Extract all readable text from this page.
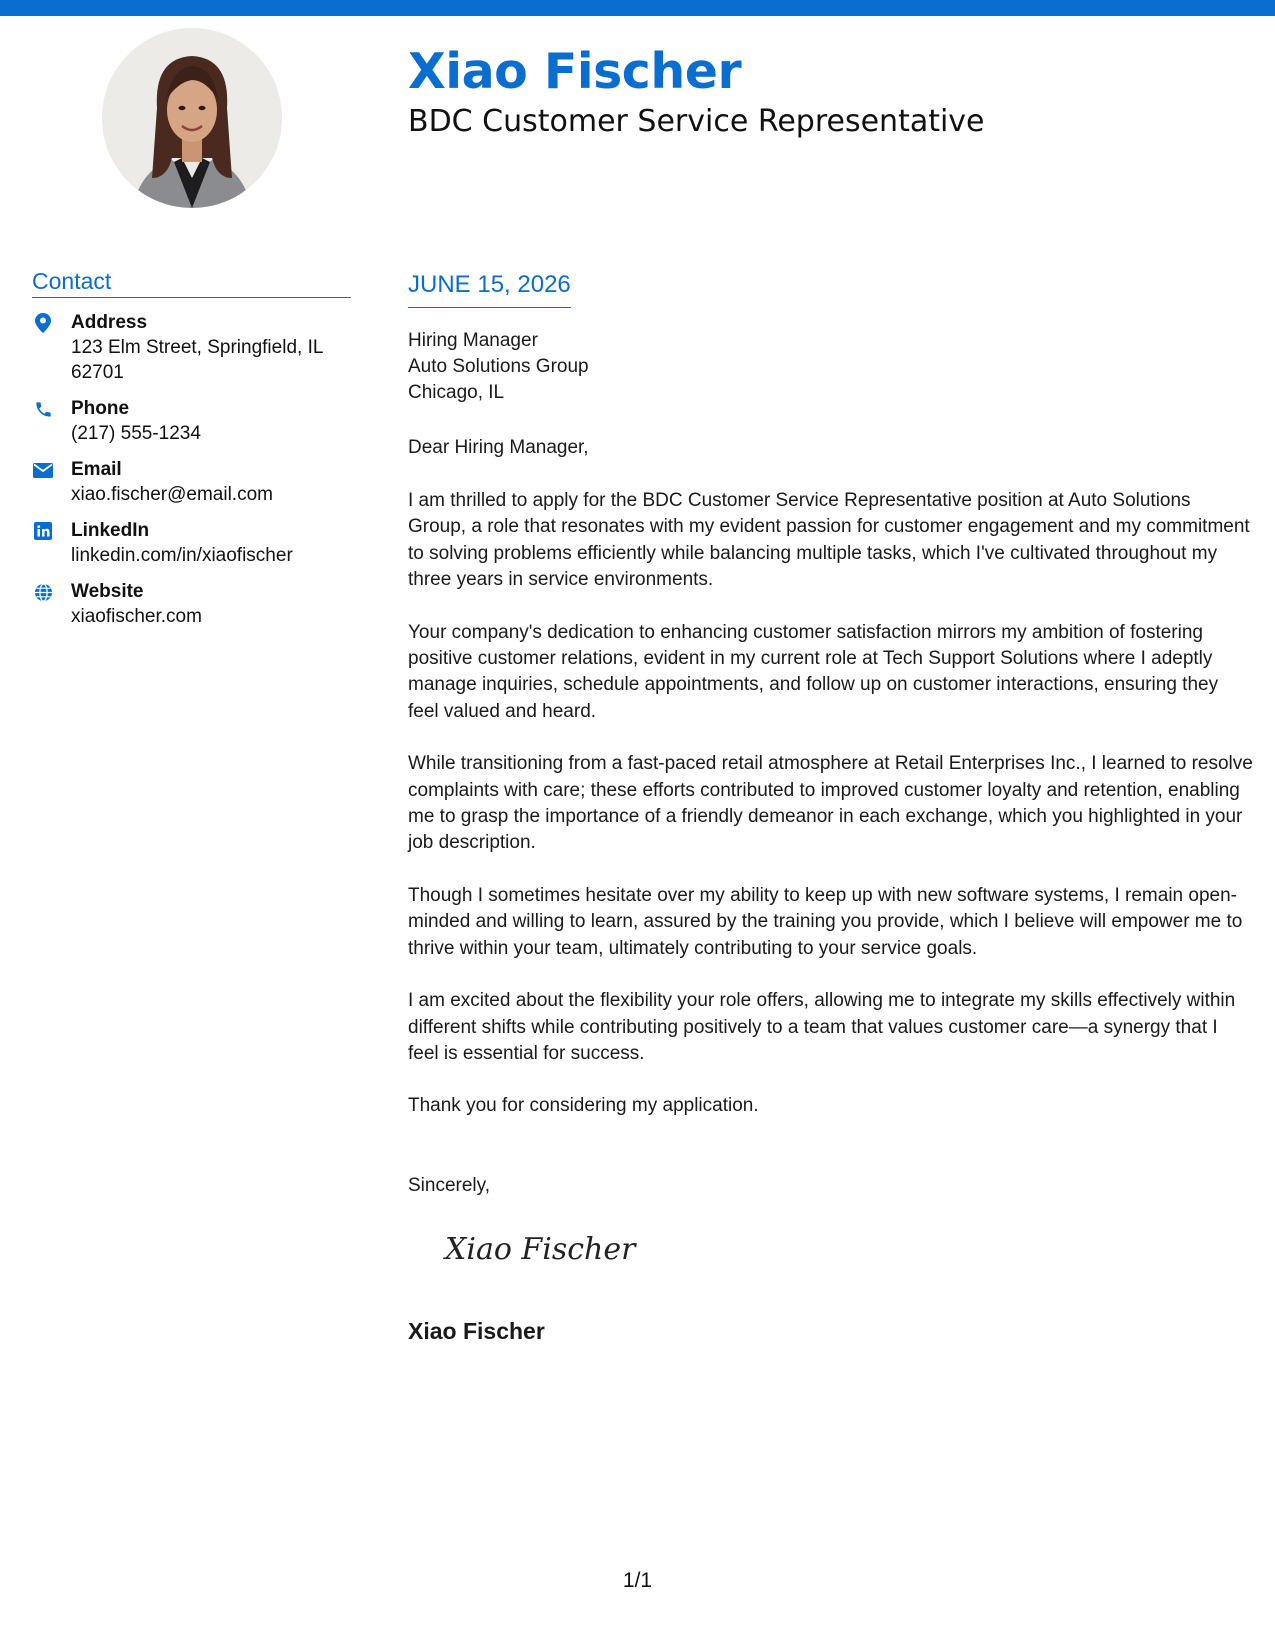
Xiao Fischer
BDC Customer Service Representative
Contact
Address
123 Elm Street, Springfield, IL
62701
Phone
(217) 555-1234
Email
xiao.fischer@email.com
LinkedIn
linkedin.com/in/xiaofischer
Website
xiaofischer.com
JUNE 15, 2026
Hiring Manager
Auto Solutions Group
Chicago, IL
Dear Hiring Manager,

I am thrilled to apply for the BDC Customer Service Representative position at Auto Solutions Group, a role that resonates with my evident passion for customer engagement and my commitment to solving problems efficiently while balancing multiple tasks, which I've cultivated throughout my three years in service environments.

Your company's dedication to enhancing customer satisfaction mirrors my ambition of fostering positive customer relations, evident in my current role at Tech Support Solutions where I adeptly manage inquiries, schedule appointments, and follow up on customer interactions, ensuring they feel valued and heard.

While transitioning from a fast-paced retail atmosphere at Retail Enterprises Inc., I learned to resolve complaints with care; these efforts contributed to improved customer loyalty and retention, enabling me to grasp the importance of a friendly demeanor in each exchange, which you highlighted in your job description.

Though I sometimes hesitate over my ability to keep up with new software systems, I remain open-minded and willing to learn, assured by the training you provide, which I believe will empower me to thrive within your team, ultimately contributing to your service goals.

I am excited about the flexibility your role offers, allowing me to integrate my skills effectively within different shifts while contributing positively to a team that values customer care—a synergy that I feel is essential for success.

Thank you for considering my application.

Sincerely,
Xiao Fischer
Xiao Fischer
1/1
